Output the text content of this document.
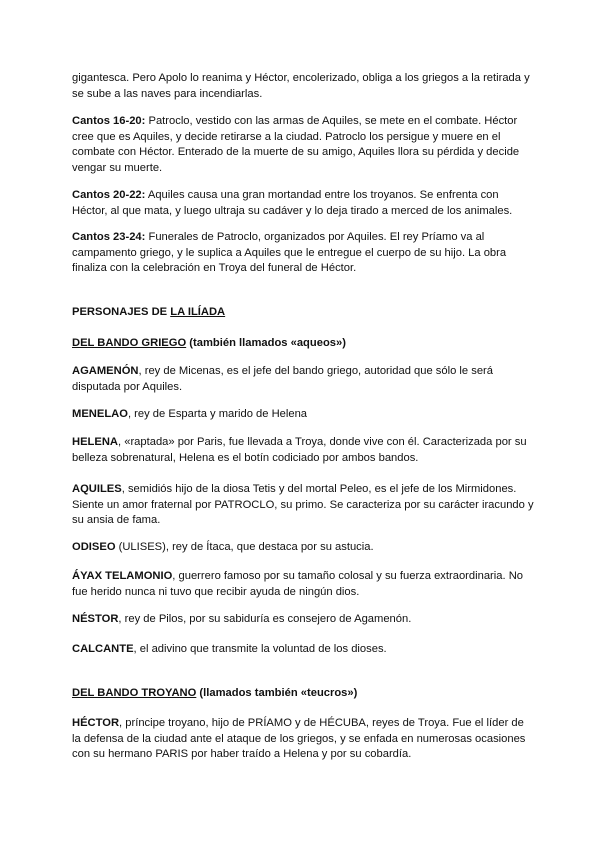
gigantesca. Pero Apolo lo reanima y Héctor, encolerizado, obliga a los griegos a la retirada y se sube a las naves para incendiarlas.

Cantos 16-20: Patroclo, vestido con las armas de Aquiles, se mete en el combate. Héctor cree que es Aquiles, y decide retirarse a la ciudad. Patroclo los persigue y muere en el combate con Héctor. Enterado de la muerte de su amigo, Aquiles llora su pérdida y decide vengar su muerte.

Cantos 20-22: Aquiles causa una gran mortandad entre los troyanos. Se enfrenta con Héctor, al que mata, y luego ultraja su cadáver y lo deja tirado a merced de los animales.

Cantos 23-24: Funerales de Patroclo, organizados por Aquiles. El rey Príamo va al campamento griego, y le suplica a Aquiles que le entregue el cuerpo de su hijo. La obra finaliza con la celebración en Troya del funeral de Héctor.

PERSONAJES DE LA ILÍADA

DEL BANDO GRIEGO (también llamados «aqueos»)

AGAMENÓN, rey de Micenas, es el jefe del bando griego, autoridad que sólo le será disputada por Aquiles.

MENELAO, rey de Esparta y marido de Helena

HELENA, «raptada» por Paris, fue llevada a Troya, donde vive con él. Caracterizada por su belleza sobrenatural, Helena es el botín codiciado por ambos bandos.

AQUILES, semidiós hijo de la diosa Tetis y del mortal Peleo, es el jefe de los Mirmidones. Siente un amor fraternal por PATROCLO, su primo. Se caracteriza por su carácter iracundo y su ansia de fama.

ODISEO (ULISES), rey de Ítaca, que destaca por su astucia.

ÁYAX TELAMONIO, guerrero famoso por su tamaño colosal y su fuerza extraordinaria. No fue herido nunca ni tuvo que recibir ayuda de ningún dios.

NÉSTOR, rey de Pilos, por su sabiduría es consejero de Agamenón.

CALCANTE, el adivino que transmite la voluntad de los dioses.

DEL BANDO TROYANO (llamados también «teucros»)

HÉCTOR, príncipe troyano, hijo de PRÍAMO y de HÉCUBA, reyes de Troya. Fue el líder de la defensa de la ciudad ante el ataque de los griegos, y se enfada en numerosas ocasiones con su hermano PARIS por haber traído a Helena y por su cobardía.
